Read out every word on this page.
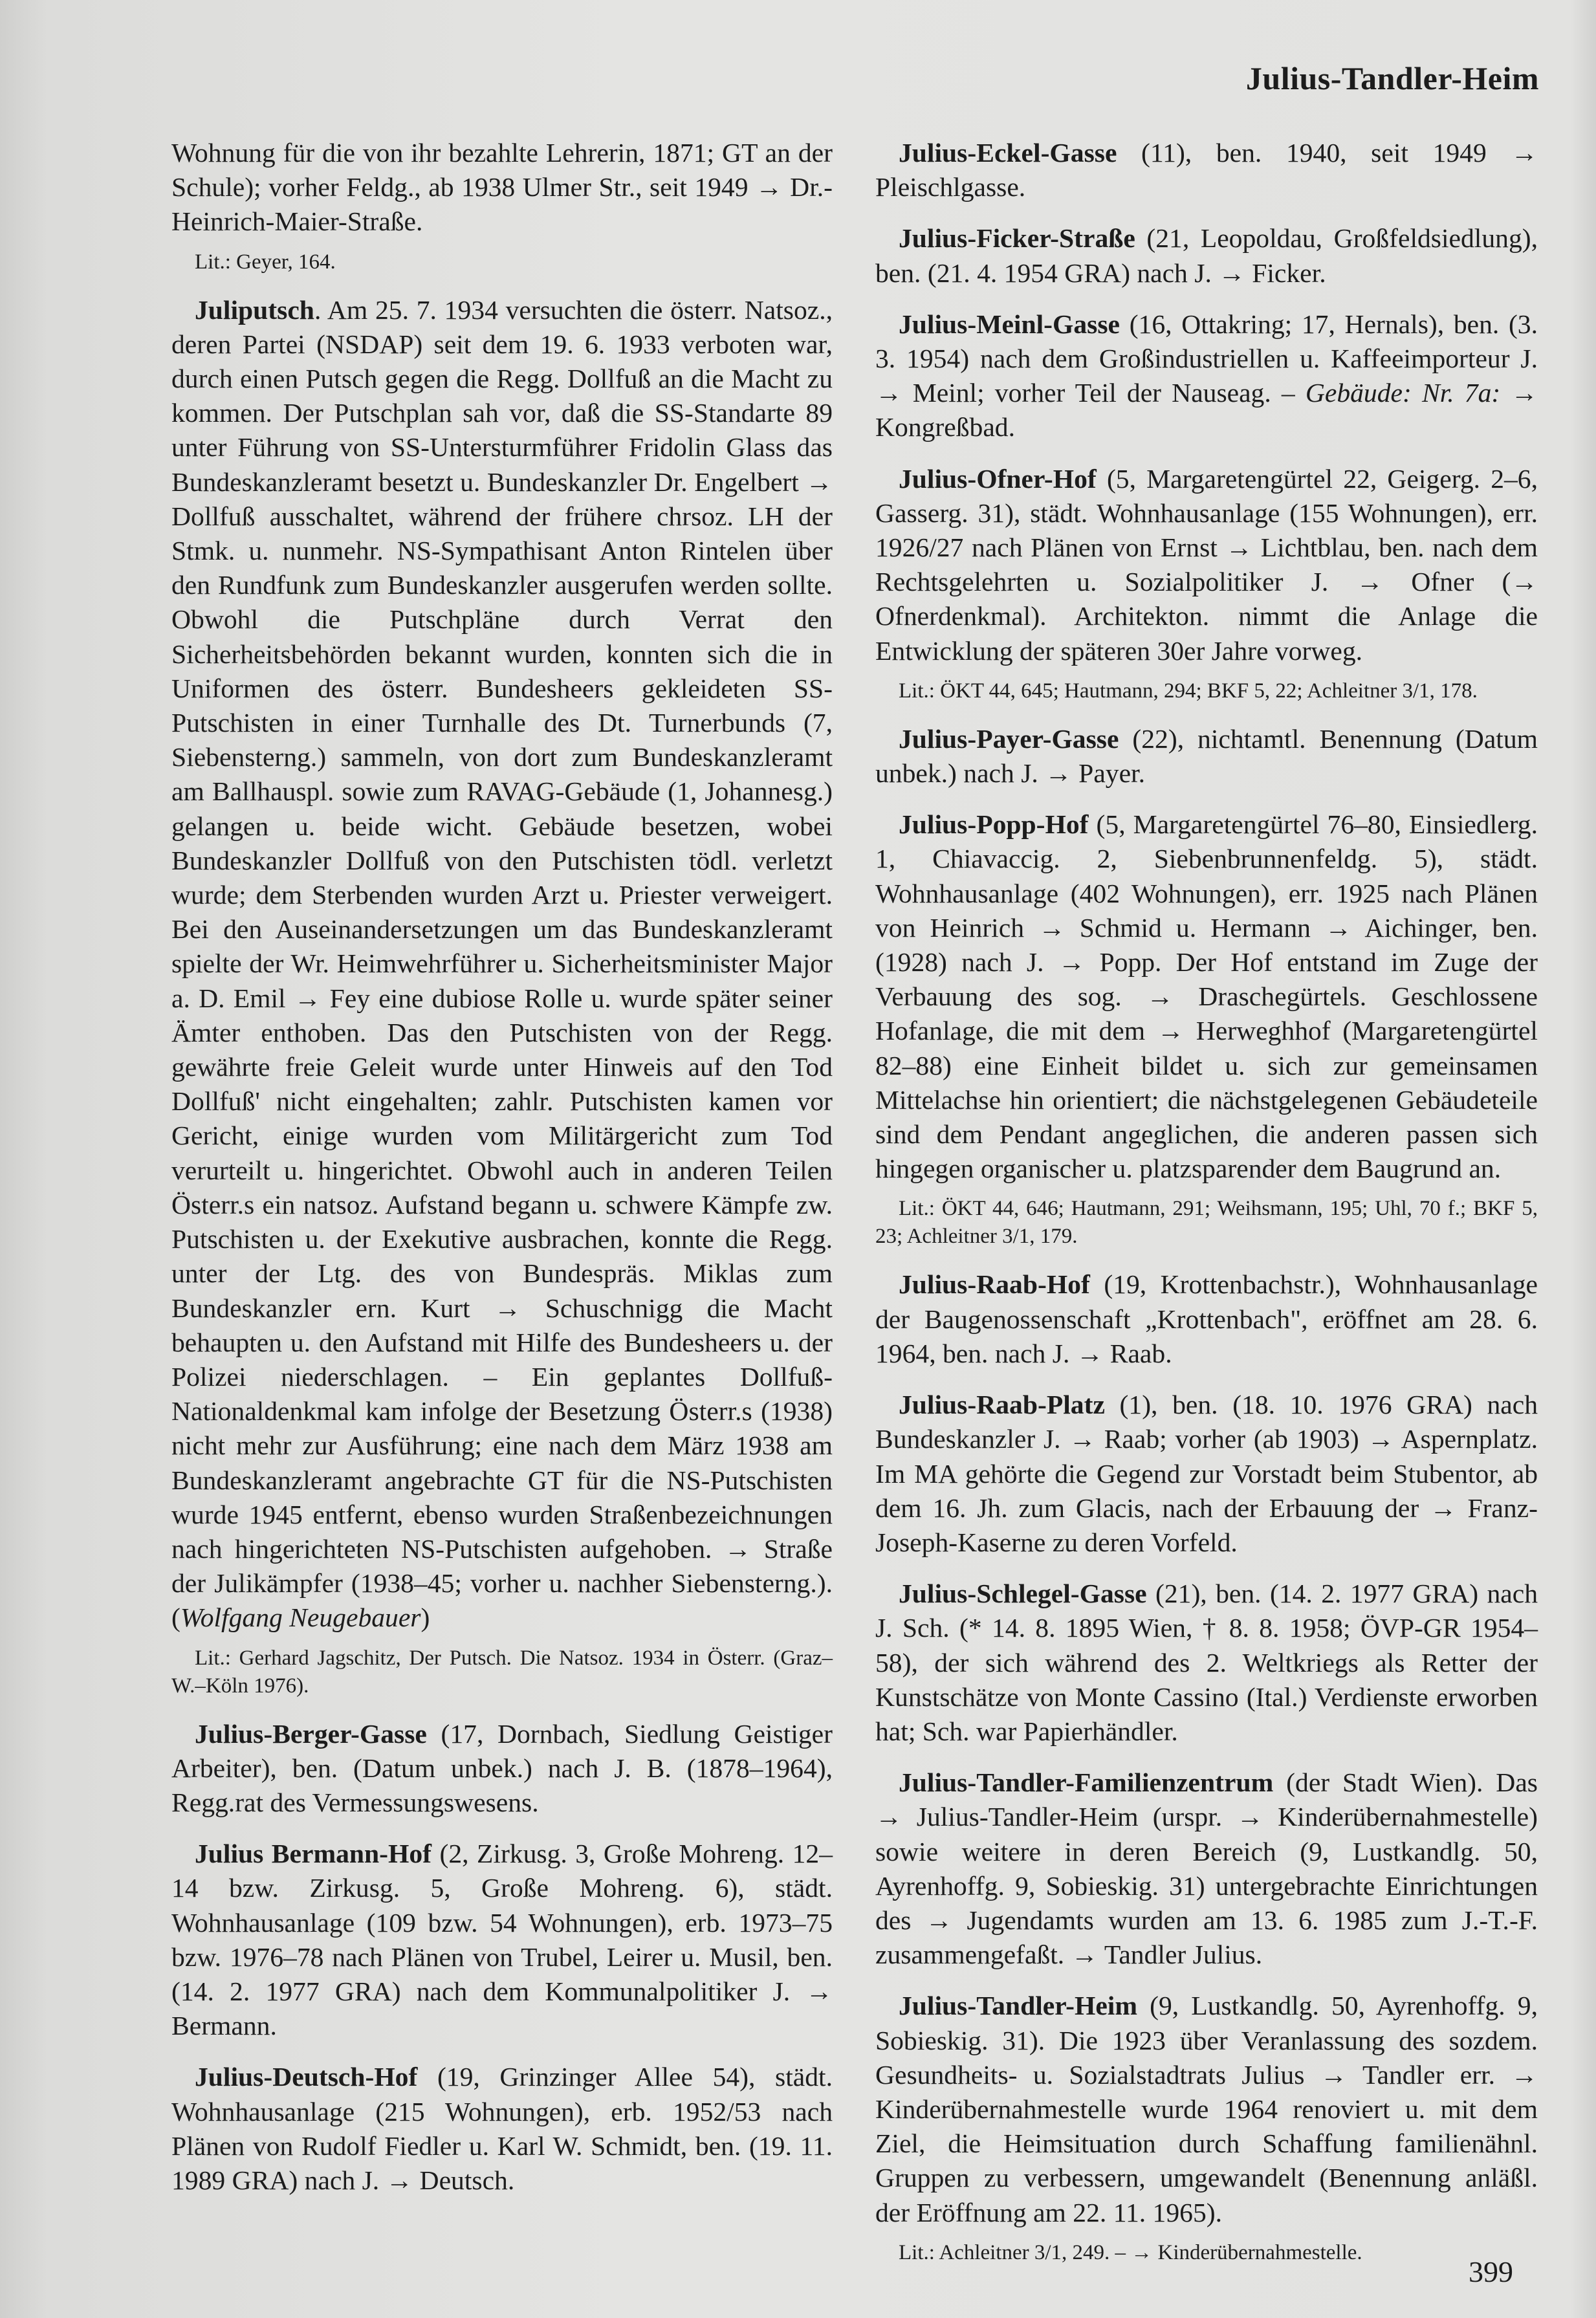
Julius-Tandler-Heim

Wohnung für die von ihr bezahlte Lehrerin, 1871; GT an der Schule); vorher Feldg., ab 1938 Ulmer Str., seit 1949 → Dr.-Heinrich-Maier-Straße.

Lit.: Geyer, 164.

Juliputsch. Am 25. 7. 1934 versuchten die österr. Natsoz., deren Partei (NSDAP) seit dem 19. 6. 1933 verboten war, durch einen Putsch gegen die Regg. Dollfuß an die Macht zu kommen. Der Putschplan sah vor, daß die SS-Standarte 89 unter Führung von SS-Untersturmführer Fridolin Glass das Bundeskanzleramt besetzt u. Bundeskanzler Dr. Engelbert → Dollfuß ausschaltet, während der frühere chrsoz. LH der Stmk. u. nunmehr. NS-Sympathisant Anton Rintelen über den Rundfunk zum Bundeskanzler ausgerufen werden sollte. Obwohl die Putschpläne durch Verrat den Sicherheitsbehörden bekannt wurden, konnten sich die in Uniformen des österr. Bundesheers gekleideten SS-Putschisten in einer Turnhalle des Dt. Turnerbunds (7, Siebensterng.) sammeln, von dort zum Bundeskanzleramt am Ballhauspl. sowie zum RAVAG-Gebäude (1, Johannesg.) gelangen u. beide wicht. Gebäude besetzen, wobei Bundeskanzler Dollfuß von den Putschisten tödl. verletzt wurde; dem Sterbenden wurden Arzt u. Priester verweigert. Bei den Auseinandersetzungen um das Bundeskanzleramt spielte der Wr. Heimwehrführer u. Sicherheitsminister Major a. D. Emil → Fey eine dubiose Rolle u. wurde später seiner Ämter enthoben. Das den Putschisten von der Regg. gewährte freie Geleit wurde unter Hinweis auf den Tod Dollfuß' nicht eingehalten; zahlr. Putschisten kamen vor Gericht, einige wurden vom Militärgericht zum Tod verurteilt u. hingerichtet. Obwohl auch in anderen Teilen Österr.s ein natsoz. Aufstand begann u. schwere Kämpfe zw. Putschisten u. der Exekutive ausbrachen, konnte die Regg. unter der Ltg. des von Bundespräs. Miklas zum Bundeskanzler ern. Kurt → Schuschnigg die Macht behaupten u. den Aufstand mit Hilfe des Bundesheers u. der Polizei niederschlagen. – Ein geplantes Dollfuß-Nationaldenkmal kam infolge der Besetzung Österr.s (1938) nicht mehr zur Ausführung; eine nach dem März 1938 am Bundeskanzleramt angebrachte GT für die NS-Putschisten wurde 1945 entfernt, ebenso wurden Straßenbezeichnungen nach hingerichteten NS-Putschisten aufgehoben. → Straße der Julikämpfer (1938–45; vorher u. nachher Siebensterng.). (Wolfgang Neugebauer)

Lit.: Gerhard Jagschitz, Der Putsch. Die Natsoz. 1934 in Österr. (Graz–W.–Köln 1976).

Julius-Berger-Gasse (17, Dornbach, Siedlung Geistiger Arbeiter), ben. (Datum unbek.) nach J. B. (1878–1964), Regg.rat des Vermessungswesens.

Julius Bermann-Hof (2, Zirkusg. 3, Große Mohreng. 12–14 bzw. Zirkusg. 5, Große Mohreng. 6), städt. Wohnhausanlage (109 bzw. 54 Wohnungen), erb. 1973–75 bzw. 1976–78 nach Plänen von Trubel, Leirer u. Musil, ben. (14. 2. 1977 GRA) nach dem Kommunalpolitiker J. → Bermann.

Julius-Deutsch-Hof (19, Grinzinger Allee 54), städt. Wohnhausanlage (215 Wohnungen), erb. 1952/53 nach Plänen von Rudolf Fiedler u. Karl W. Schmidt, ben. (19. 11. 1989 GRA) nach J. → Deutsch.

Julius-Eckel-Gasse (11), ben. 1940, seit 1949 → Pleischlgasse.

Julius-Ficker-Straße (21, Leopoldau, Großfeldsiedlung), ben. (21. 4. 1954 GRA) nach J. → Ficker.

Julius-Meinl-Gasse (16, Ottakring; 17, Hernals), ben. (3. 3. 1954) nach dem Großindustriellen u. Kaffeeimporteur J. → Meinl; vorher Teil der Nauseag. – Gebäude: Nr. 7a: → Kongreßbad.

Julius-Ofner-Hof (5, Margaretengürtel 22, Geigerg. 2–6, Gasserg. 31), städt. Wohnhausanlage (155 Wohnungen), err. 1926/27 nach Plänen von Ernst → Lichtblau, ben. nach dem Rechtsgelehrten u. Sozialpolitiker J. → Ofner (→ Ofnerdenkmal). Architekton. nimmt die Anlage die Entwicklung der späteren 30er Jahre vorweg.

Lit.: ÖKT 44, 645; Hautmann, 294; BKF 5, 22; Achleitner 3/1, 178.

Julius-Payer-Gasse (22), nichtamtl. Benennung (Datum unbek.) nach J. → Payer.

Julius-Popp-Hof (5, Margaretengürtel 76–80, Einsiedlerg. 1, Chiavaccig. 2, Siebenbrunnenfeldg. 5), städt. Wohnhausanlage (402 Wohnungen), err. 1925 nach Plänen von Heinrich → Schmid u. Hermann → Aichinger, ben. (1928) nach J. → Popp. Der Hof entstand im Zuge der Verbauung des sog. → Draschegürtels. Geschlossene Hofanlage, die mit dem → Herweghhof (Margaretengürtel 82–88) eine Einheit bildet u. sich zur gemeinsamen Mittelachse hin orientiert; die nächstgelegenen Gebäudeteile sind dem Pendant angeglichen, die anderen passen sich hingegen organischer u. platzsparender dem Baugrund an.

Lit.: ÖKT 44, 646; Hautmann, 291; Weihsmann, 195; Uhl, 70 f.; BKF 5, 23; Achleitner 3/1, 179.

Julius-Raab-Hof (19, Krottenbachstr.), Wohnhausanlage der Baugenossenschaft „Krottenbach", eröffnet am 28. 6. 1964, ben. nach J. → Raab.

Julius-Raab-Platz (1), ben. (18. 10. 1976 GRA) nach Bundeskanzler J. → Raab; vorher (ab 1903) → Aspernplatz. Im MA gehörte die Gegend zur Vorstadt beim Stubentor, ab dem 16. Jh. zum Glacis, nach der Erbauung der → Franz-Joseph-Kaserne zu deren Vorfeld.

Julius-Schlegel-Gasse (21), ben. (14. 2. 1977 GRA) nach J. Sch. (* 14. 8. 1895 Wien, † 8. 8. 1958; ÖVP-GR 1954–58), der sich während des 2. Weltkriegs als Retter der Kunstschätze von Monte Cassino (Ital.) Verdienste erworben hat; Sch. war Papierhändler.

Julius-Tandler-Familienzentrum (der Stadt Wien). Das → Julius-Tandler-Heim (urspr. → Kinderübernahmestelle) sowie weitere in deren Bereich (9, Lustkandlg. 50, Ayrenhoffg. 9, Sobieskig. 31) untergebrachte Einrichtungen des → Jugendamts wurden am 13. 6. 1985 zum J.-T.-F. zusammengefaßt. → Tandler Julius.

Julius-Tandler-Heim (9, Lustkandlg. 50, Ayrenhoffg. 9, Sobieskig. 31). Die 1923 über Veranlassung des sozdem. Gesundheits- u. Sozialstadtrats Julius → Tandler err. → Kinderübernahmestelle wurde 1964 renoviert u. mit dem Ziel, die Heimsituation durch Schaffung familienähnl. Gruppen zu verbessern, umgewandelt (Benennung anläßl. der Eröffnung am 22. 11. 1965).

Lit.: Achleitner 3/1, 249. – → Kinderübernahmestelle.

399
